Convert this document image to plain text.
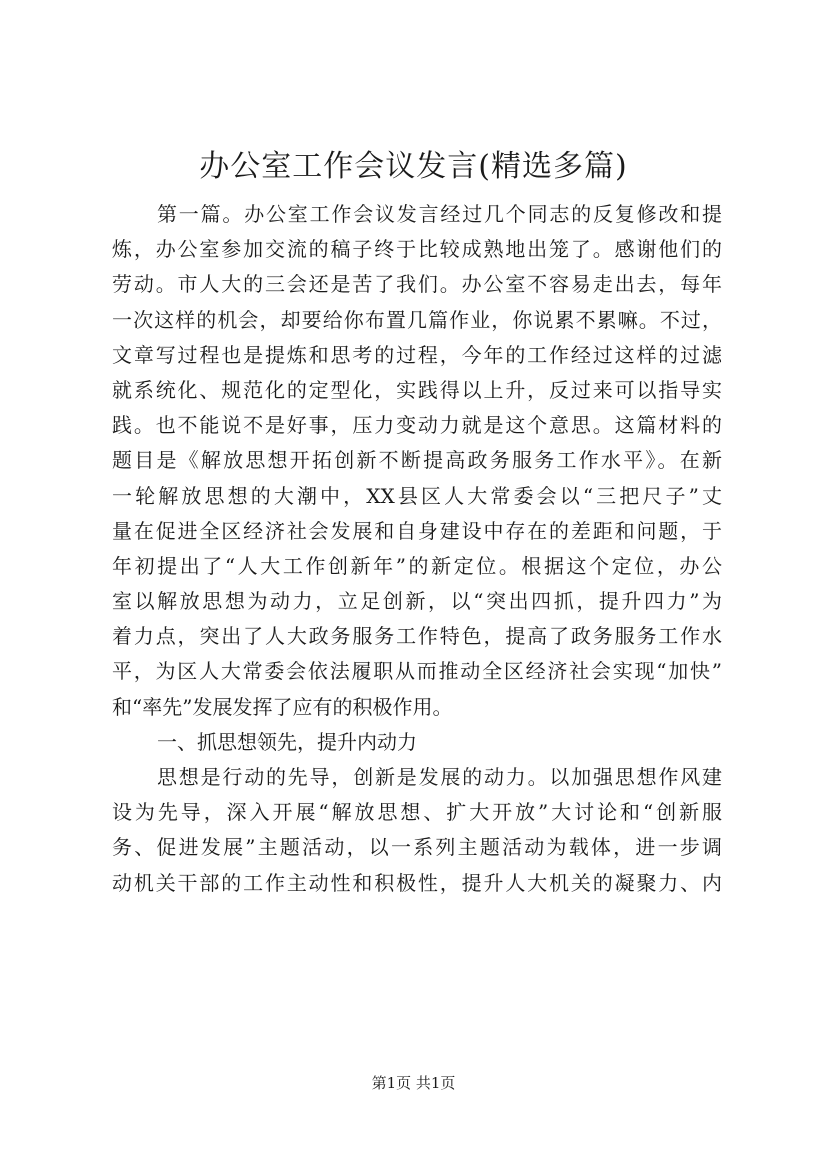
办公室工作会议发言(精选多篇)
第一篇。办公室工作会议发言经过几个同志的反复修改和提
炼，办公室参加交流的稿子终于比较成熟地出笼了。感谢他们的
劳动。市人大的三会还是苦了我们。办公室不容易走出去，每年
一次这样的机会，却要给你布置几篇作业，你说累不累嘛。不过，
文章写过程也是提炼和思考的过程，今年的工作经过这样的过滤
就系统化、规范化的定型化，实践得以上升，反过来可以指导实
践。也不能说不是好事，压力变动力就是这个意思。这篇材料的
题目是《解放思想开拓创新不断提高政务服务工作水平》。在新
一轮解放思想的大潮中，XX县区人大常委会以“三把尺子”丈
量在促进全区经济社会发展和自身建设中存在的差距和问题，于
年初提出了“人大工作创新年”的新定位。根据这个定位，办公
室以解放思想为动力，立足创新，以“突出四抓，提升四力”为
着力点，突出了人大政务服务工作特色，提高了政务服务工作水
平，为区人大常委会依法履职从而推动全区经济社会实现“加快”
和“率先”发展发挥了应有的积极作用。
一、抓思想领先，提升内动力
思想是行动的先导，创新是发展的动力。以加强思想作风建
设为先导，深入开展“解放思想、扩大开放”大讨论和“创新服
务、促进发展”主题活动，以一系列主题活动为载体，进一步调
动机关干部的工作主动性和积极性，提升人大机关的凝聚力、内
第1页 共1页
